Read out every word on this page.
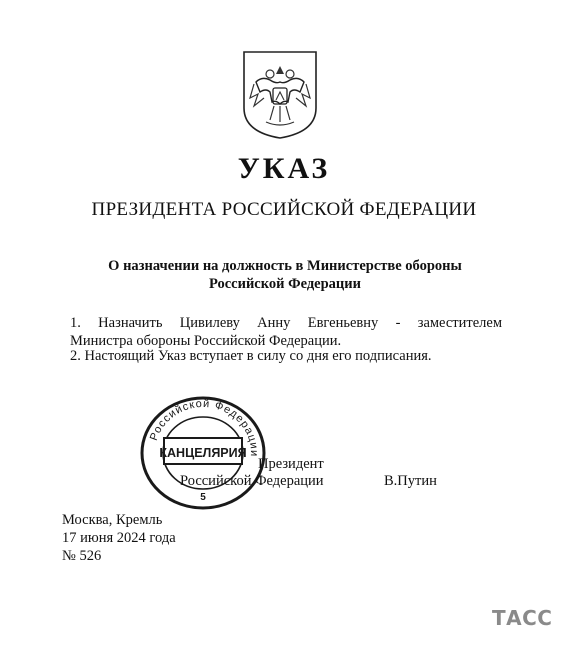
УКАЗ
ПРЕЗИДЕНТА РОССИЙСКОЙ ФЕДЕРАЦИИ
О назначении на должность в Министерстве обороны
Российской Федерации
1. Назначить Цивилеву Анну Евгеньевну - заместителем
Министра обороны Российской Федерации.
2. Настоящий Указ вступает в силу со дня его подписания.
Российской Федерации
КАНЦЕЛЯРИЯ
5
Президент
Российской Федерации	В.Путин
Москва, Кремль
17 июня 2024 года
№ 526
ТАСС
